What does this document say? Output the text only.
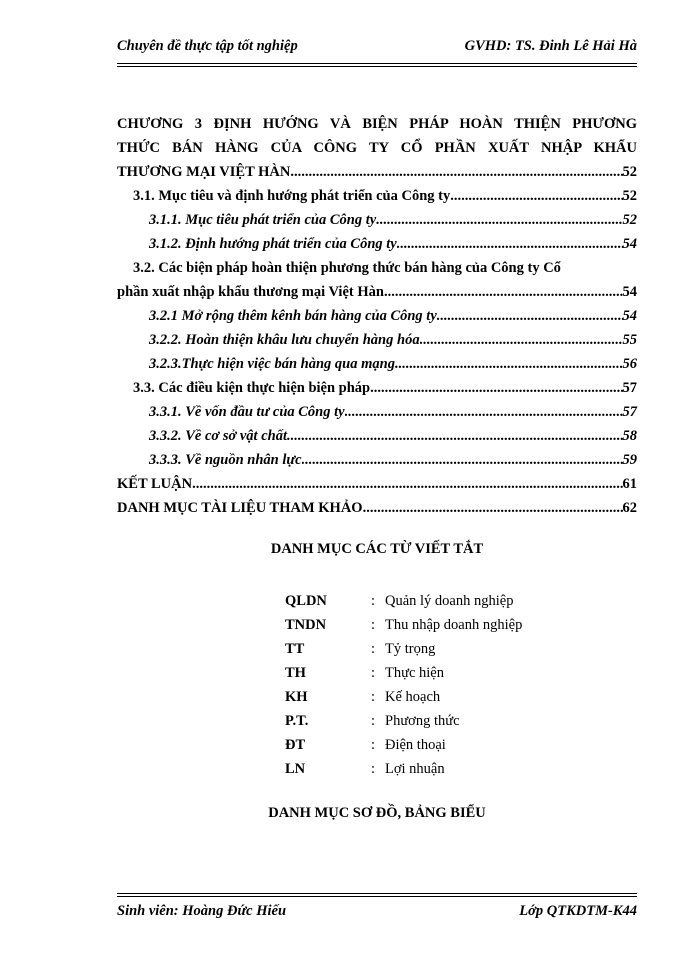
Chuyên đề thực tập tốt nghiệp	GVHD: TS. Đinh Lê Hải Hà
CHƯƠNG 3 ĐỊNH HƯỚNG VÀ BIỆN PHÁP HOÀN THIỆN PHƯƠNG
THỨC BÁN HÀNG CỦA CÔNG TY CỔ PHẦN XUẤT NHẬP KHẨU
THƯƠNG MẠI VIỆT HÀN .....	52
3.1. Mục tiêu và định hướng phát triển của Công ty .....	52
3.1.1. Mục tiêu phát triển của Công ty .....	52
3.1.2. Định hướng phát triển của Công ty .....	54
3.2. Các biện pháp hoàn thiện phương thức bán hàng của Công ty Cổ
phần xuất nhập khẩu thương mại Việt Hàn .....	54
3.2.1 Mở rộng thêm kênh bán hàng của Công ty .....	54
3.2.2. Hoàn thiện khâu lưu chuyển hàng hóa .....	55
3.2.3.Thực hiện việc bán hàng qua mạng .....	56
3.3. Các điều kiện thực hiện biện pháp .....	57
3.3.1. Về vốn đầu tư của Công ty .....	57
3.3.2. Về cơ sở vật chất .....	58
3.3.3. Về nguồn nhân lực .....	59
KẾT LUẬN .....	61
DANH MỤC TÀI LIỆU THAM KHẢO .....	62
DANH MỤC CÁC TỪ VIẾT TẮT
QLDN	: Quản lý doanh nghiệp
TNDN	: Thu nhập doanh nghiệp
TT	: Tỷ trọng
TH	: Thực hiện
KH	: Kế hoạch
P.T.	: Phương thức
ĐT	: Điện thoại
LN	: Lợi nhuận
DANH MỤC SƠ ĐỒ, BẢNG BIỂU
Sinh viên: Hoàng Đức Hiếu	Lớp QTKDTM-K44
